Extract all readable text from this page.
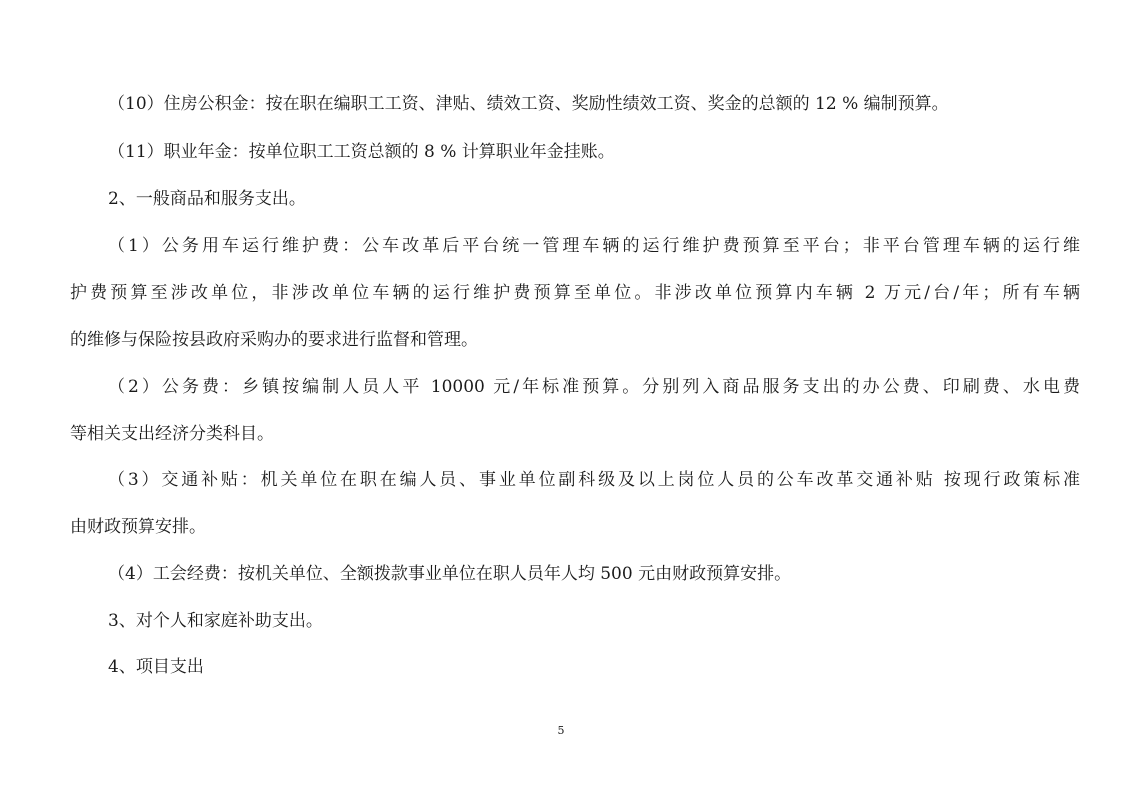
（10）住房公积金：按在职在编职工工资、津贴、绩效工资、奖励性绩效工资、奖金的总额的 12 % 编制预算。
（11）职业年金：按单位职工工资总额的 8 % 计算职业年金挂账。
2、一般商品和服务支出。
（1）公务用车运行维护费：公车改革后平台统一管理车辆的运行维护费预算至平台；非平台管理车辆的运行维
护费预算至涉改单位，非涉改单位车辆的运行维护费预算至单位。非涉改单位预算内车辆 2 万元/台/年；所有车辆
的维修与保险按县政府采购办的要求进行监督和管理。
（2）公务费：乡镇按编制人员人平 10000 元/年标准预算。分别列入商品服务支出的办公费、印刷费、水电费
等相关支出经济分类科目。
（3）交通补贴：机关单位在职在编人员、事业单位副科级及以上岗位人员的公车改革交通补贴 按现行政策标准
由财政预算安排。
（4）工会经费：按机关单位、全额拨款事业单位在职人员年人均 500 元由财政预算安排。
3、对个人和家庭补助支出。
4、项目支出
5
